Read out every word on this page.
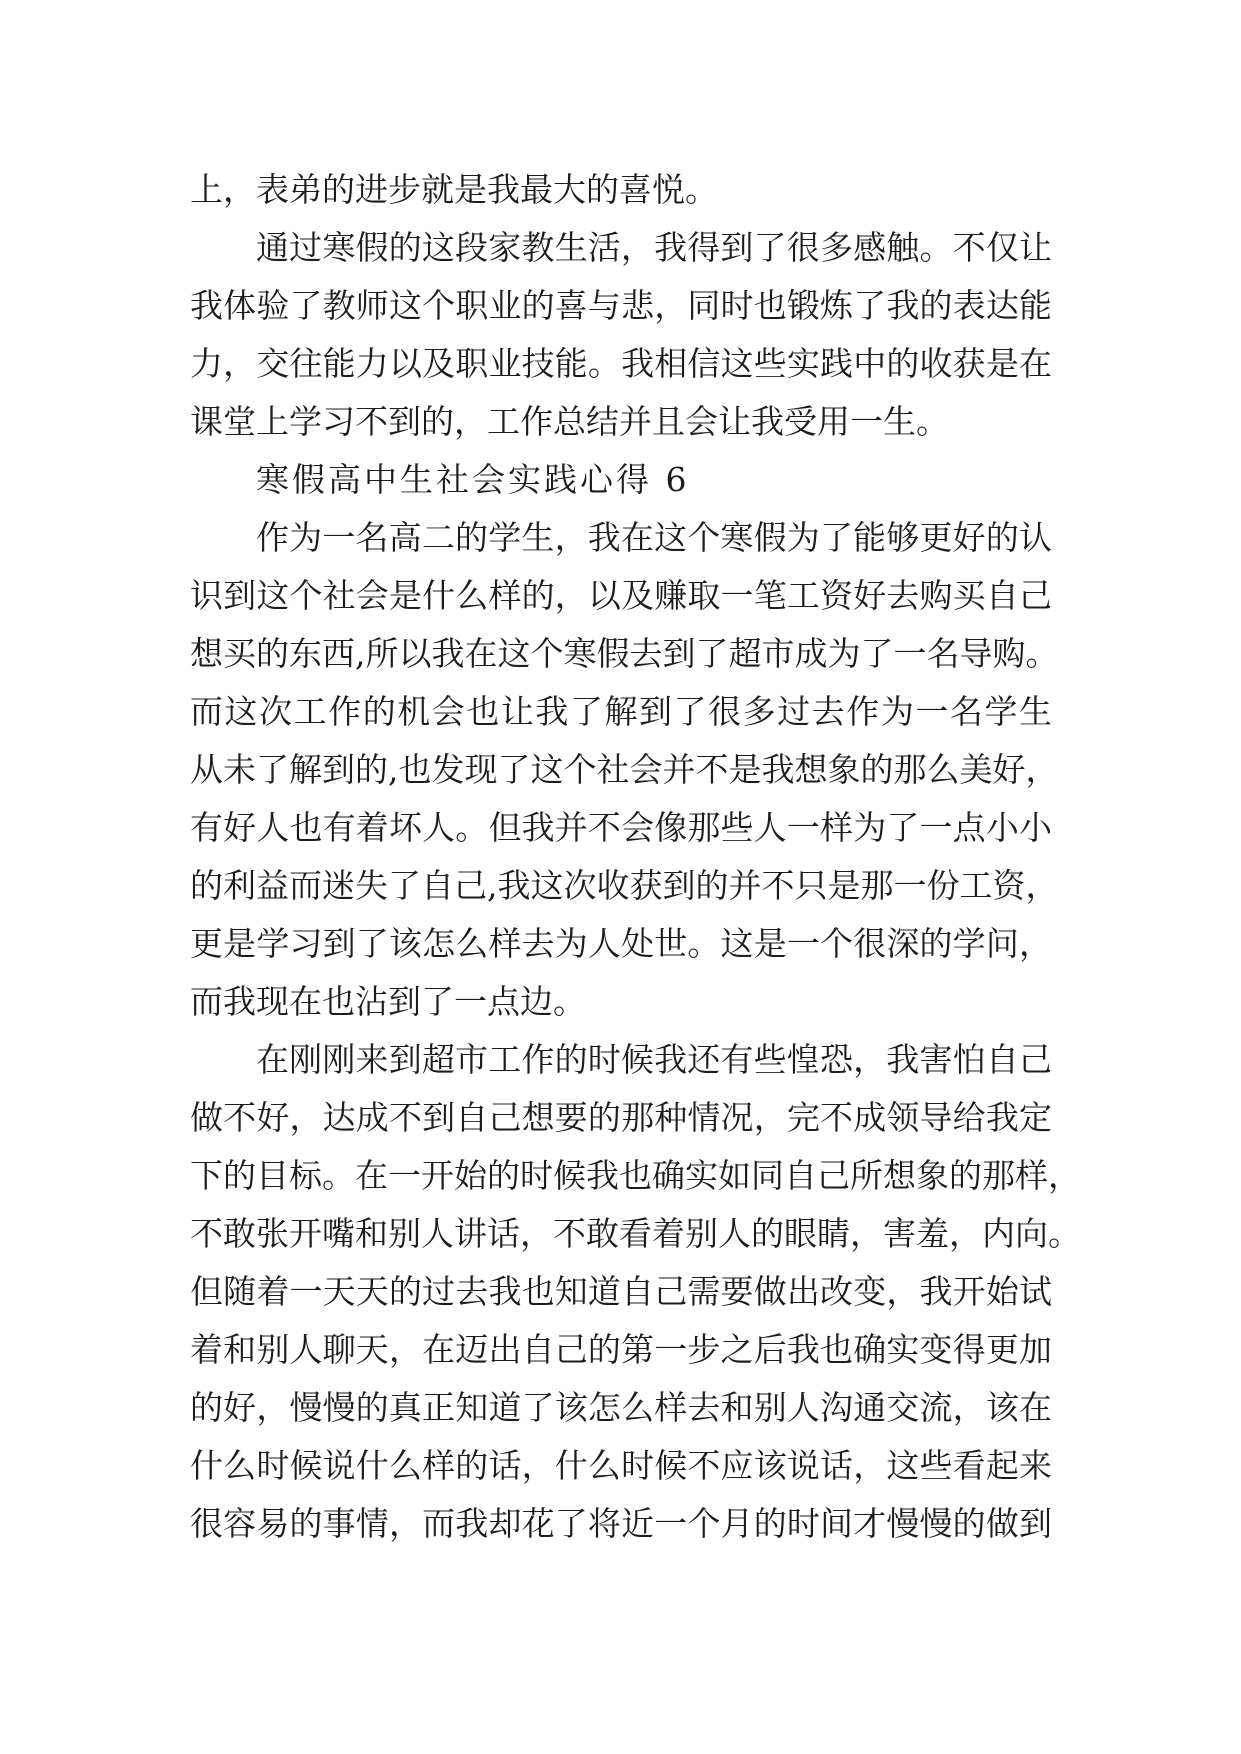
上，表弟的进步就是我最大的喜悦。
通过寒假的这段家教生活，我得到了很多感触。不仅让
我体验了教师这个职业的喜与悲，同时也锻炼了我的表达能
力，交往能力以及职业技能。我相信这些实践中的收获是在
课堂上学习不到的，工作总结并且会让我受用一生。
寒假高中生社会实践心得 6
作为一名高二的学生，我在这个寒假为了能够更好的认
识到这个社会是什么样的，以及赚取一笔工资好去购买自己
想买的东西,所以我在这个寒假去到了超市成为了一名导购。
而这次工作的机会也让我了解到了很多过去作为一名学生
从未了解到的,也发现了这个社会并不是我想象的那么美好，
有好人也有着坏人。但我并不会像那些人一样为了一点小小
的利益而迷失了自己,我这次收获到的并不只是那一份工资，
更是学习到了该怎么样去为人处世。这是一个很深的学问，
而我现在也沾到了一点边。
在刚刚来到超市工作的时候我还有些惶恐，我害怕自己
做不好，达成不到自己想要的那种情况，完不成领导给我定
下的目标。在一开始的时候我也确实如同自己所想象的那样，
不敢张开嘴和别人讲话，不敢看着别人的眼睛，害羞，内向。
但随着一天天的过去我也知道自己需要做出改变，我开始试
着和别人聊天，在迈出自己的第一步之后我也确实变得更加
的好，慢慢的真正知道了该怎么样去和别人沟通交流，该在
什么时候说什么样的话，什么时候不应该说话，这些看起来
很容易的事情，而我却花了将近一个月的时间才慢慢的做到
